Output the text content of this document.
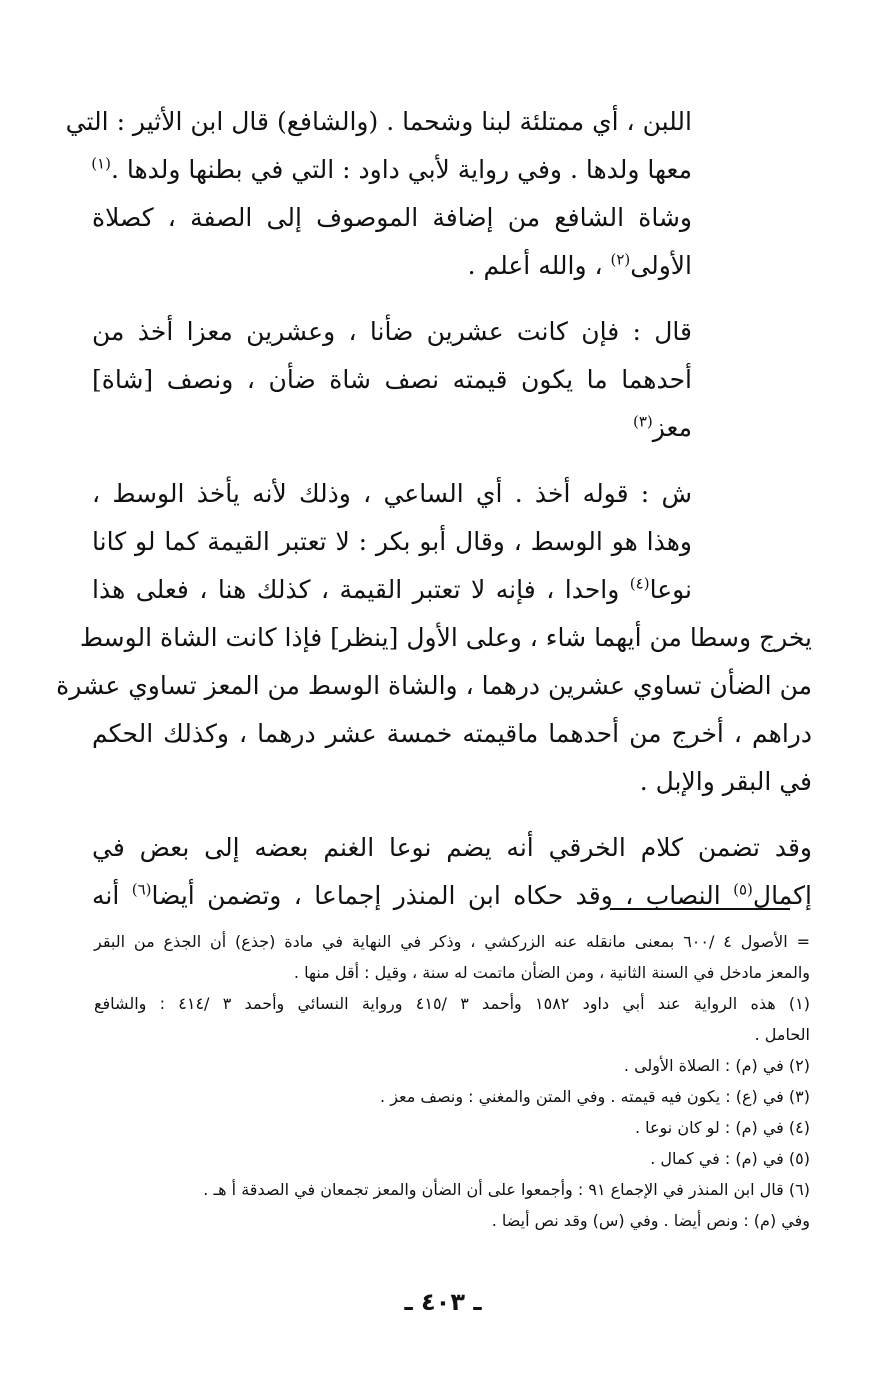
اللبن ، أي ممتلئة لبنا وشحما . (والشافع) قال ابن الأثير : التي
معها ولدها . وفي رواية لأبي داود : التي في بطنها ولدها .$^{(١)}$
وشاة الشافع من إضافة الموصوف إلى الصفة ، كصلاة
الأولى$^{(٢)}$ ، والله أعلم .
قال : فإن كانت عشرين ضأنا ، وعشرين معزا أخذ من
أحدهما ما يكون قيمته نصف شاة ضأن ، ونصف [شاة]
معز$^{(٣)}$
ش : قوله أخذ . أي الساعي ، وذلك لأنه يأخذ الوسط ،
وهذا هو الوسط ، وقال أبو بكر : لا تعتبر القيمة كما لو كانا
نوعا$^{(٤)}$ واحدا ، فإنه لا تعتبر القيمة ، كذلك هنا ، فعلى هذا
يخرج وسطا من أيهما شاء ، وعلى الأول [ينظر] فإذا كانت الشاة الوسط
من الضأن تساوي عشرين درهما ، والشاة الوسط من المعز تساوي عشرة
دراهم ، أخرج من أحدهما ماقيمته خمسة عشر درهما ، وكذلك الحكم
في البقر والإبل .
وقد تضمن كلام الخرقي أنه يضم نوعا الغنم بعضه إلى بعض في
إكمال$^{(٥)}$ النصاب ، وقد حكاه ابن المنذر إجماعا ، وتضمن أيضا$^{(٦)}$ أنه
= الأصول ٤ /٦٠٠ بمعنى مانقله عنه الزركشي ، وذكر في النهاية في مادة (جذع) أن الجذع من البقر
والمعز مادخل في السنة الثانية ، ومن الضأن ماتمت له سنة ، وقيل : أقل منها .
(١) هذه الرواية عند أبي داود ١٥٨٢ وأحمد ٣ /٤١٥ ورواية النسائي وأحمد ٣ /٤١٤ : والشافع
الحامل .
(٢) في (م) : الصلاة الأولى .
(٣) في (ع) : يكون فيه قيمته . وفي المتن والمغني : ونصف معز .
(٤) في (م) : لو كان نوعا .
(٥) في (م) : في كمال .
(٦) قال ابن المنذر في الإجماع ٩١ : وأجمعوا على أن الضأن والمعز تجمعان في الصدقة أ هـ .
وفي (م) : ونص أيضا . وفي (س) وقد نص أيضا .
ـ ٤٠٣ ـ
